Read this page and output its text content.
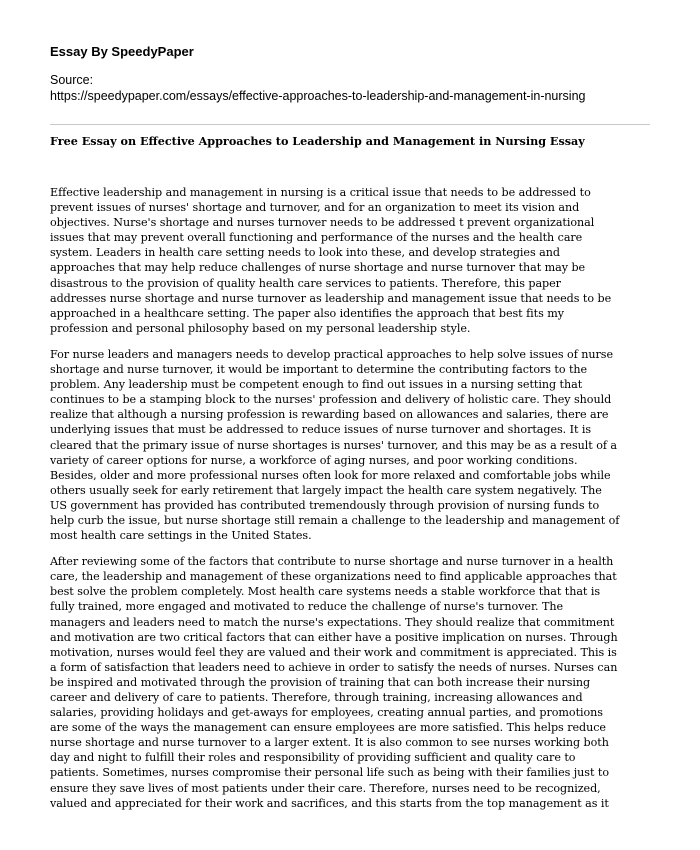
Essay By SpeedyPaper
Source:
https://speedypaper.com/essays/effective-approaches-to-leadership-and-management-in-nursing
Free Essay on Effective Approaches to Leadership and Management in Nursing Essay

Effective leadership and management in nursing is a critical issue that needs to be addressed to
prevent issues of nurses' shortage and turnover, and for an organization to meet its vision and
objectives. Nurse's shortage and nurses turnover needs to be addressed t prevent organizational
issues that may prevent overall functioning and performance of the nurses and the health care
system. Leaders in health care setting needs to look into these, and develop strategies and
approaches that may help reduce challenges of nurse shortage and nurse turnover that may be
disastrous to the provision of quality health care services to patients. Therefore, this paper
addresses nurse shortage and nurse turnover as leadership and management issue that needs to be
approached in a healthcare setting. The paper also identifies the approach that best fits my
profession and personal philosophy based on my personal leadership style.

For nurse leaders and managers needs to develop practical approaches to help solve issues of nurse
shortage and nurse turnover, it would be important to determine the contributing factors to the
problem. Any leadership must be competent enough to find out issues in a nursing setting that
continues to be a stamping block to the nurses' profession and delivery of holistic care. They should
realize that although a nursing profession is rewarding based on allowances and salaries, there are
underlying issues that must be addressed to reduce issues of nurse turnover and shortages. It is
cleared that the primary issue of nurse shortages is nurses' turnover, and this may be as a result of a
variety of career options for nurse, a workforce of aging nurses, and poor working conditions.
Besides, older and more professional nurses often look for more relaxed and comfortable jobs while
others usually seek for early retirement that largely impact the health care system negatively. The
US government has provided has contributed tremendously through provision of nursing funds to
help curb the issue, but nurse shortage still remain a challenge to the leadership and management of
most health care settings in the United States.

After reviewing some of the factors that contribute to nurse shortage and nurse turnover in a health
care, the leadership and management of these organizations need to find applicable approaches that
best solve the problem completely. Most health care systems needs a stable workforce that that is
fully trained, more engaged and motivated to reduce the challenge of nurse's turnover. The
managers and leaders need to match the nurse's expectations. They should realize that commitment
and motivation are two critical factors that can either have a positive implication on nurses. Through
motivation, nurses would feel they are valued and their work and commitment is appreciated. This is
a form of satisfaction that leaders need to achieve in order to satisfy the needs of nurses. Nurses can
be inspired and motivated through the provision of training that can both increase their nursing
career and delivery of care to patients. Therefore, through training, increasing allowances and
salaries, providing holidays and get-aways for employees, creating annual parties, and promotions
are some of the ways the management can ensure employees are more satisfied. This helps reduce
nurse shortage and nurse turnover to a larger extent. It is also common to see nurses working both
day and night to fulfill their roles and responsibility of providing sufficient and quality care to
patients. Sometimes, nurses compromise their personal life such as being with their families just to
ensure they save lives of most patients under their care. Therefore, nurses need to be recognized,
valued and appreciated for their work and sacrifices, and this starts from the top management as it
